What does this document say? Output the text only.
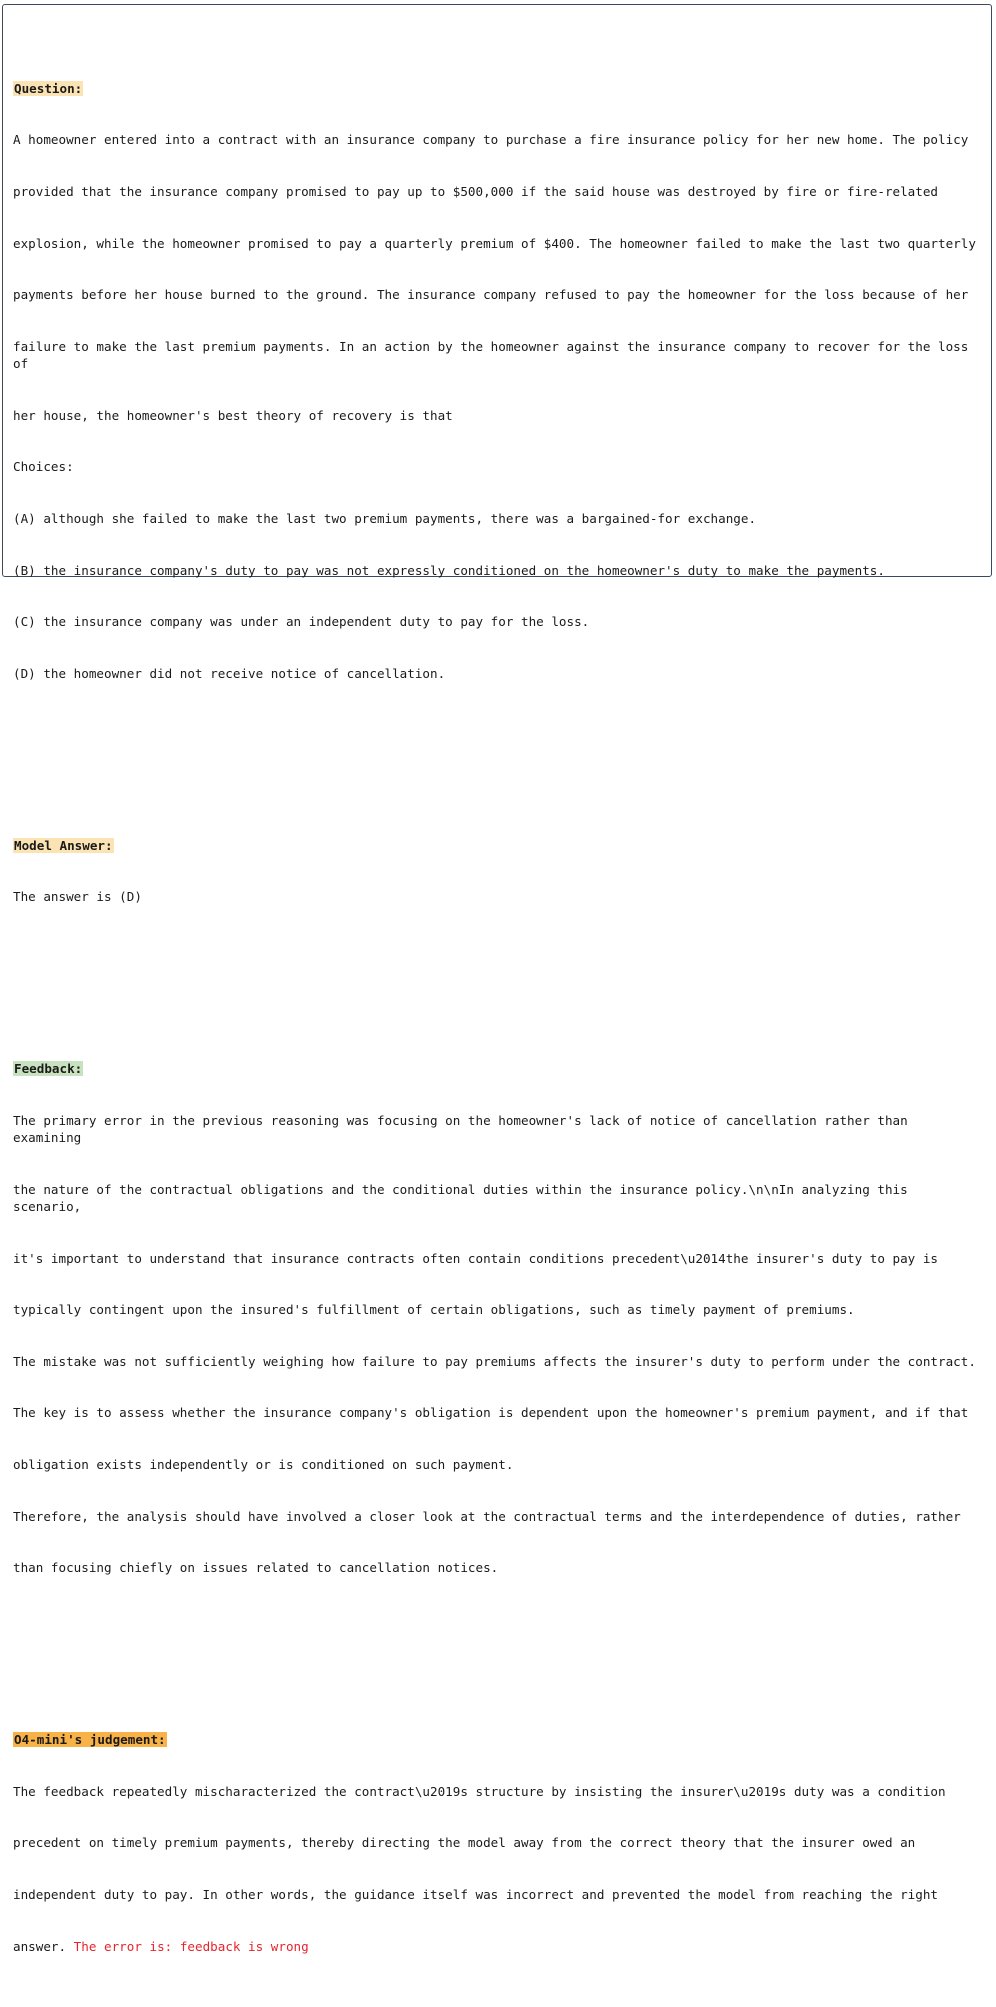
Question:

A homeowner entered into a contract with an insurance company to purchase a fire insurance policy for her new home. The policy

provided that the insurance company promised to pay up to $500,000 if the said house was destroyed by fire or fire-related

explosion, while the homeowner promised to pay a quarterly premium of $400. The homeowner failed to make the last two quarterly

payments before her house burned to the ground. The insurance company refused to pay the homeowner for the loss because of her

failure to make the last premium payments. In an action by the homeowner against the insurance company to recover for the loss of

her house, the homeowner's best theory of recovery is that

Choices:

(A) although she failed to make the last two premium payments, there was a bargained-for exchange.

(B) the insurance company's duty to pay was not expressly conditioned on the homeowner's duty to make the payments.

(C) the insurance company was under an independent duty to pay for the loss.

(D) the homeowner did not receive notice of cancellation.

Model Answer:

The answer is (D)

Feedback:

The primary error in the previous reasoning was focusing on the homeowner's lack of notice of cancellation rather than examining

the nature of the contractual obligations and the conditional duties within the insurance policy.\n\nIn analyzing this scenario,

it's important to understand that insurance contracts often contain conditions precedent\u2014the insurer's duty to pay is

typically contingent upon the insured's fulfillment of certain obligations, such as timely payment of premiums.

The mistake was not sufficiently weighing how failure to pay premiums affects the insurer's duty to perform under the contract.

The key is to assess whether the insurance company's obligation is dependent upon the homeowner's premium payment, and if that

obligation exists independently or is conditioned on such payment.

Therefore, the analysis should have involved a closer look at the contractual terms and the interdependence of duties, rather

than focusing chiefly on issues related to cancellation notices.

O4-mini's judgement:

The feedback repeatedly mischaracterized the contract\u2019s structure by insisting the insurer\u2019s duty was a condition

precedent on timely premium payments, thereby directing the model away from the correct theory that the insurer owed an

independent duty to pay. In other words, the guidance itself was incorrect and prevented the model from reaching the right

answer. The error is: feedback is wrong
